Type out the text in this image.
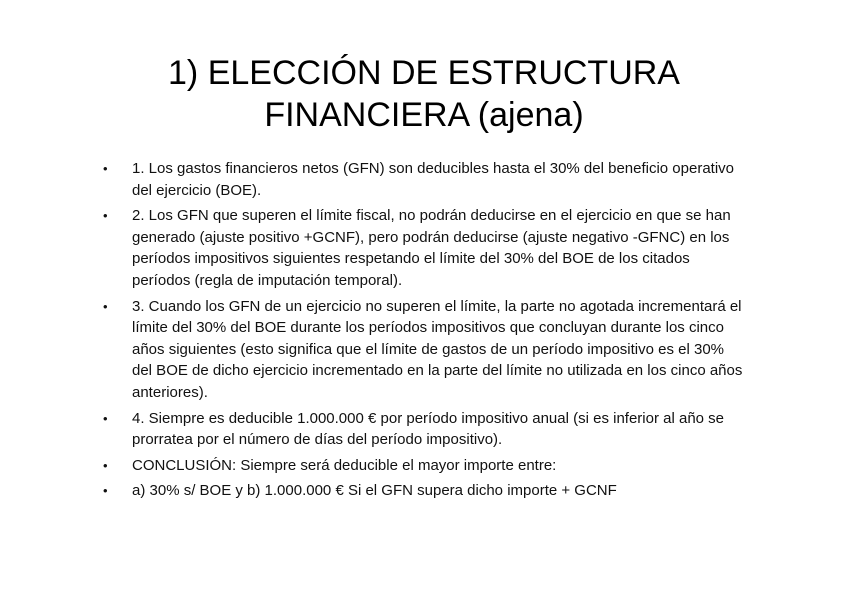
1) ELECCIÓN DE ESTRUCTURA
FINANCIERA (ajena)
•	1. Los gastos financieros netos (GFN) son deducibles hasta el 30% del beneficio operativo del ejercicio (BOE).
•	2. Los GFN que superen el límite fiscal, no podrán deducirse en el ejercicio en que se han generado (ajuste positivo +GCNF), pero podrán deducirse (ajuste negativo -GFNC) en los períodos impositivos siguientes respetando el límite del 30% del BOE de los citados períodos (regla de imputación temporal).
•	3. Cuando los GFN de un ejercicio no superen el límite, la parte no agotada incrementará el límite del 30% del BOE durante los períodos impositivos que concluyan durante los cinco años siguientes (esto significa que el límite de gastos de un período impositivo es el 30% del BOE de dicho ejercicio incrementado en la parte del límite no utilizada en los cinco años anteriores).
•	4. Siempre es deducible 1.000.000 € por período impositivo anual (si es inferior al año se prorratea por el número de días del período impositivo).
•	CONCLUSIÓN: Siempre será deducible el mayor importe entre:
•	a) 30% s/ BOE y b) 1.000.000 € Si el GFN supera dicho importe + GCNF
